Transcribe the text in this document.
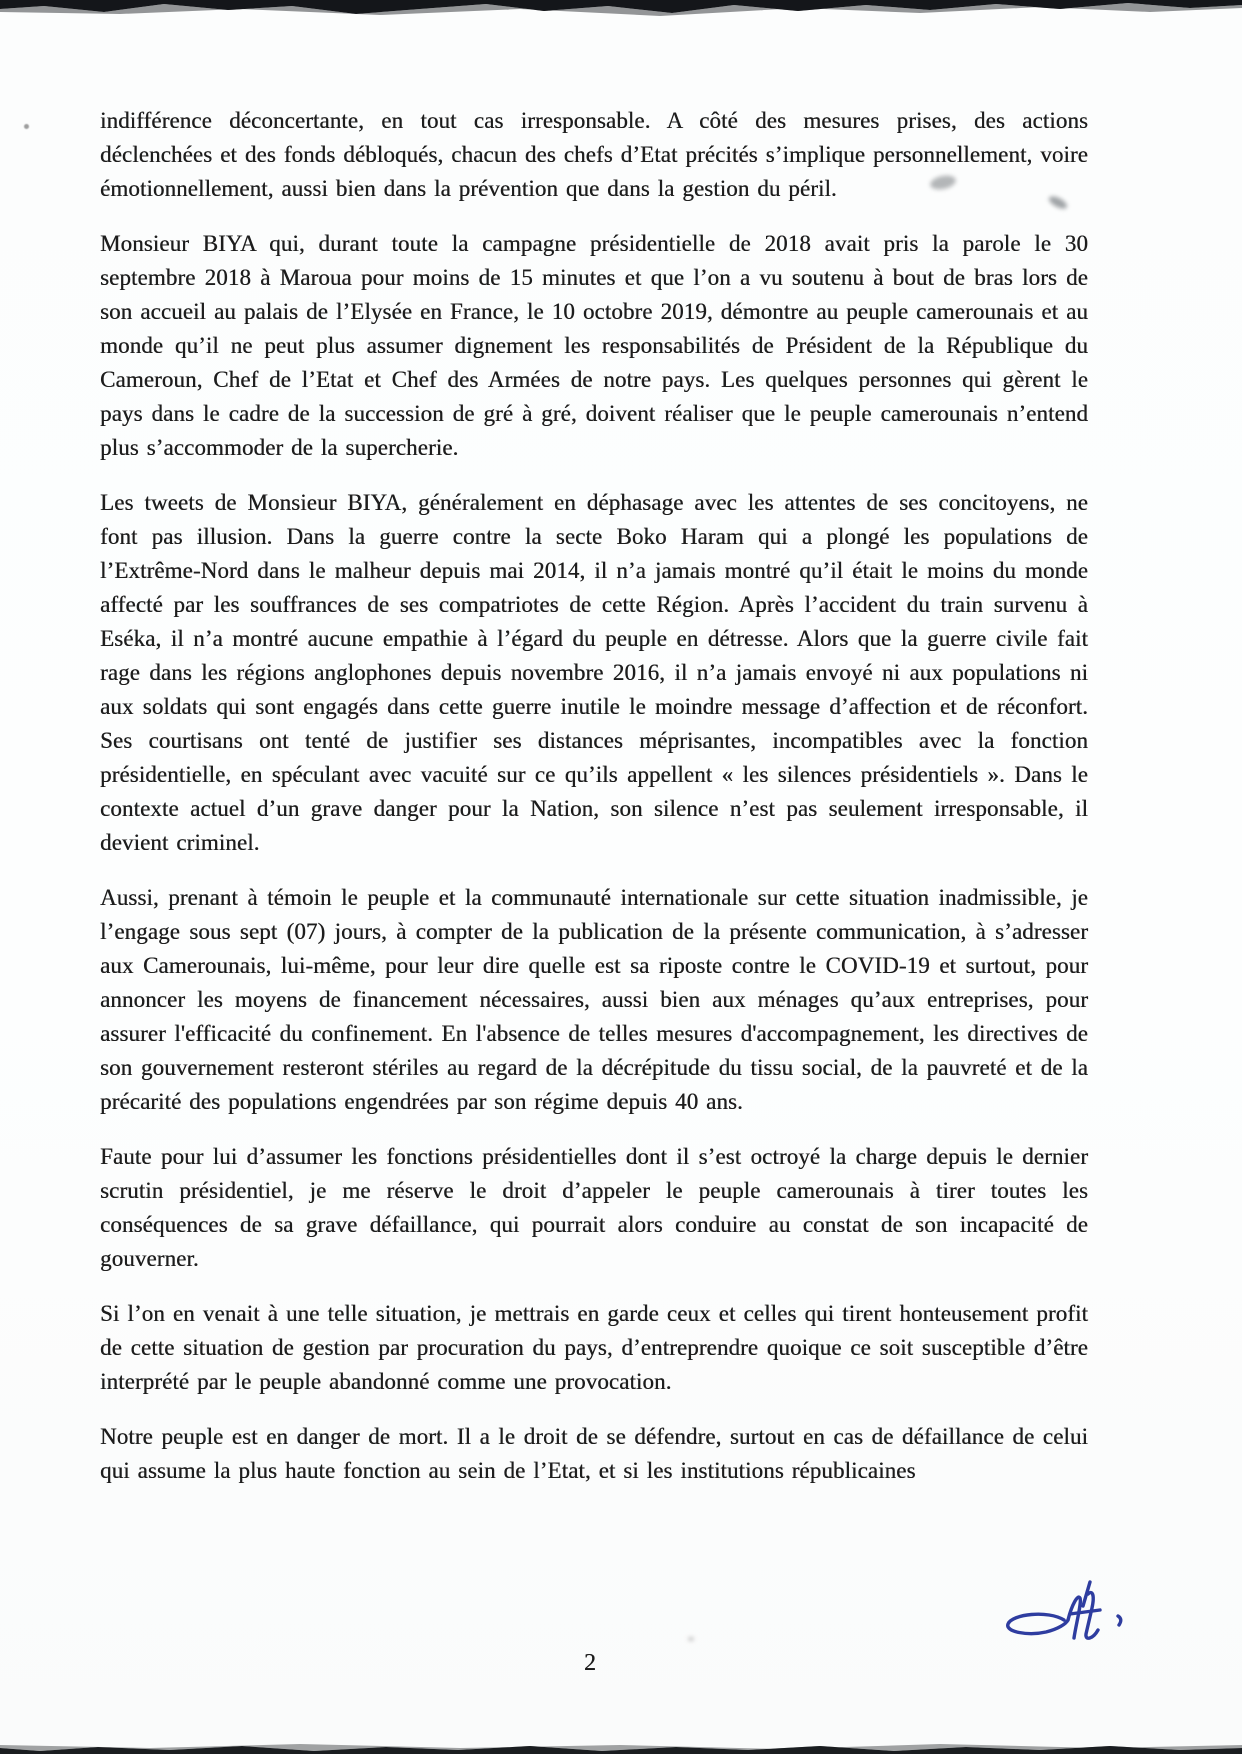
indifférence déconcertante, en tout cas irresponsable. A côté des mesures prises, des actions déclenchées et des fonds débloqués, chacun des chefs d’Etat précités s’implique personnellement, voire émotionnellement, aussi bien dans la prévention que dans la gestion du péril.

Monsieur BIYA qui, durant toute la campagne présidentielle de 2018 avait pris la parole le 30 septembre 2018 à Maroua pour moins de 15 minutes et que l’on a vu soutenu à bout de bras lors de son accueil au palais de l’Elysée en France, le 10 octobre 2019, démontre au peuple camerounais et au monde qu’il ne peut plus assumer dignement les responsabilités de Président de la République du Cameroun, Chef de l’Etat et Chef des Armées de notre pays. Les quelques personnes qui gèrent le pays dans le cadre de la succession de gré à gré, doivent réaliser que le peuple camerounais n’entend plus s’accommoder de la supercherie.

Les tweets de Monsieur BIYA, généralement en déphasage avec les attentes de ses concitoyens, ne font pas illusion. Dans la guerre contre la secte Boko Haram qui a plongé les populations de l’Extrême-Nord dans le malheur depuis mai 2014, il n’a jamais montré qu’il était le moins du monde affecté par les souffrances de ses compatriotes de cette Région. Après l’accident du train survenu à Eséka, il n’a montré aucune empathie à l’égard du peuple en détresse. Alors que la guerre civile fait rage dans les régions anglophones depuis novembre 2016, il n’a jamais envoyé ni aux populations ni aux soldats qui sont engagés dans cette guerre inutile le moindre message d’affection et de réconfort. Ses courtisans ont tenté de justifier ses distances méprisantes, incompatibles avec la fonction présidentielle, en spéculant avec vacuité sur ce qu’ils appellent « les silences présidentiels ». Dans le contexte actuel d’un grave danger pour la Nation, son silence n’est pas seulement irresponsable, il devient criminel.

Aussi, prenant à témoin le peuple et la communauté internationale sur cette situation inadmissible, je l’engage sous sept (07) jours, à compter de la publication de la présente communication, à s’adresser aux Camerounais, lui-même, pour leur dire quelle est sa riposte contre le COVID-19 et surtout, pour annoncer les moyens de financement nécessaires, aussi bien aux ménages qu’aux entreprises, pour assurer l'efficacité du confinement. En l'absence de telles mesures d'accompagnement, les directives de son gouvernement resteront stériles au regard de la décrépitude du tissu social, de la pauvreté et de la précarité des populations engendrées par son régime depuis 40 ans.

Faute pour lui d’assumer les fonctions présidentielles dont il s’est octroyé la charge depuis le dernier scrutin présidentiel, je me réserve le droit d’appeler le peuple camerounais à tirer toutes les conséquences de sa grave défaillance, qui pourrait alors conduire au constat de son incapacité de gouverner.

Si l’on en venait à une telle situation, je mettrais en garde ceux et celles qui tirent honteusement profit de cette situation de gestion par procuration du pays, d’entreprendre quoique ce soit susceptible d’être interprété par le peuple abandonné comme une provocation.

Notre peuple est en danger de mort. Il a le droit de se défendre, surtout en cas de défaillance de celui qui assume la plus haute fonction au sein de l’Etat, et si les institutions républicaines

2
